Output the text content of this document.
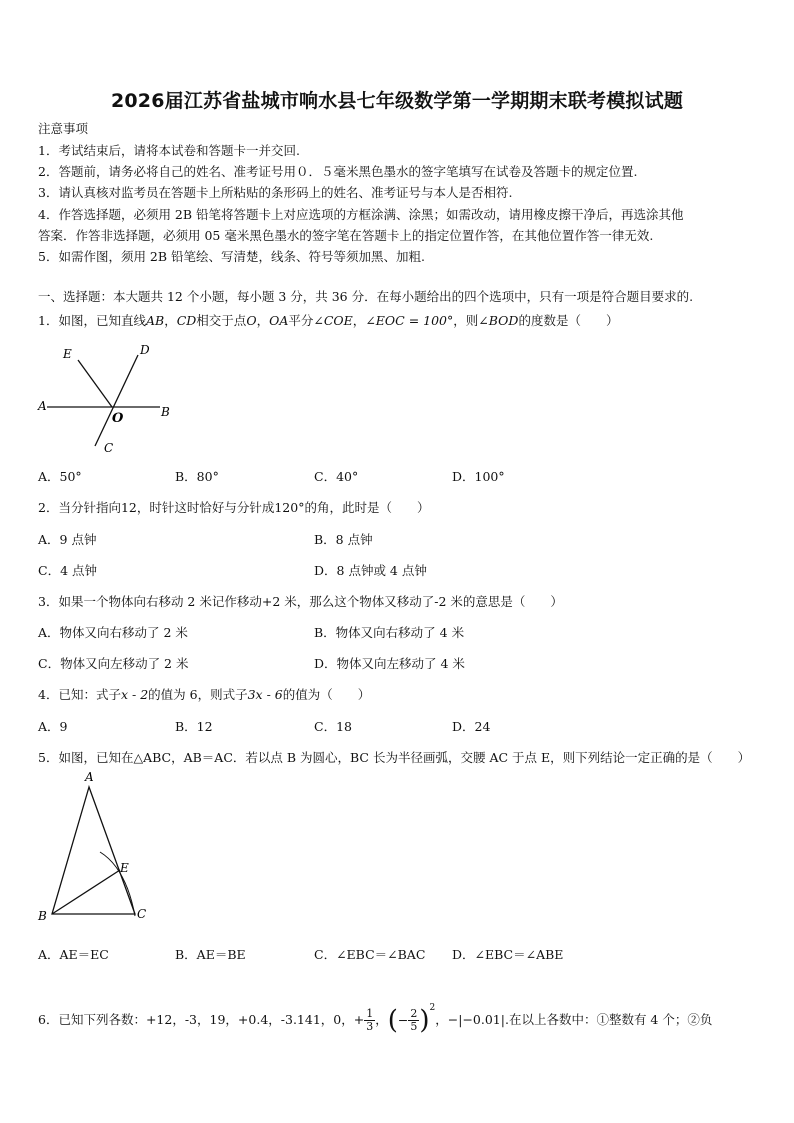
2026届江苏省盐城市响水县七年级数学第一学期期末联考模拟试题
注意事项
1．考试结束后，请将本试卷和答题卡一并交回.
2．答题前，请务必将自己的姓名、准考证号用０．５毫米黑色墨水的签字笔填写在试卷及答题卡的规定位置.
3．请认真核对监考员在答题卡上所粘贴的条形码上的姓名、准考证号与本人是否相符.
4．作答选择题，必须用 2B 铅笔将答题卡上对应选项的方框涂满、涂黑；如需改动，请用橡皮擦干净后，再选涂其他
答案．作答非选择题，必须用 05 毫米黑色墨水的签字笔在答题卡上的指定位置作答，在其他位置作答一律无效.
5．如需作图，须用 2B 铅笔绘、写清楚，线条、符号等须加黑、加粗.
一、选择题：本大题共 12 个小题，每小题 3 分，共 36 分．在每小题给出的四个选项中，只有一项是符合题目要求的.
1．如图，已知直线AB，CD相交于点O，OA平分∠COE，∠EOC = 100°，则∠BOD的度数是（　　）
E	D
A
O	B
C
A．50°	B．80°	C．40°	D．100°
2．当分针指向12，时针这时恰好与分针成120°的角，此时是（　　）
A．9 点钟	B．8 点钟
C．4 点钟	D．8 点钟或 4 点钟
3．如果一个物体向右移动 2 米记作移动+2 米，那么这个物体又移动了-2 米的意思是（　　）
A．物体又向右移动了 2 米	B．物体又向右移动了 4 米
C．物体又向左移动了 2 米	D．物体又向左移动了 4 米
4．已知：式子x - 2的值为 6，则式子3x - 6的值为（　　）
A．9	B．12	C．18	D．24
5．如图，已知在△ABC，AB＝AC．若以点 B 为圆心，BC 长为半径画弧，交腰 AC 于点 E，则下列结论一定正确的是（　　）
A
E
B	C
A．AE＝EC	B．AE＝BE	C．∠EBC＝∠BAC D．∠EBC＝∠ABE
6．已知下列各数：+12，-3，19，+0.4，-3.141，0，+ $\frac{1}{3}$ ，(− $\frac{2}{5} )^2$，−|−0.01|.在以上各数中：①整数有 4 个；②负
